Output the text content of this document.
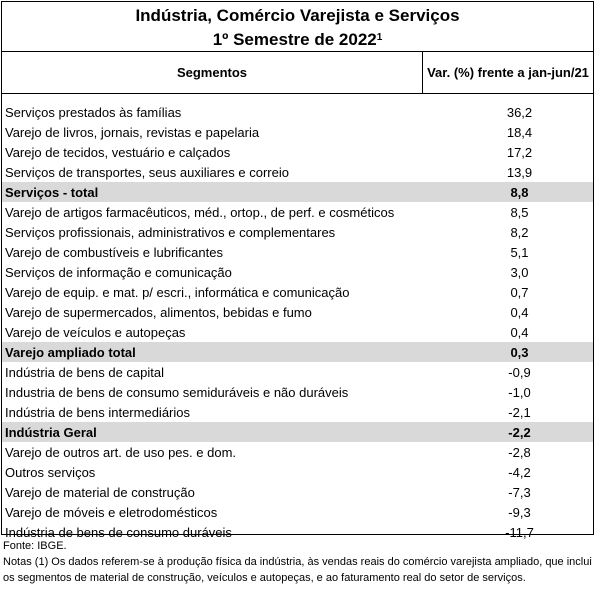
Indústria, Comércio Varejista e Serviços
1º Semestre de 2022$^1$
Segmentos	Var. (%) frente a jan-jun/21
Serviços prestados às famílias	36,2
Varejo de livros, jornais, revistas e papelaria	18,4
Varejo de tecidos, vestuário e calçados	17,2
Serviços de transportes, seus auxiliares e correio	13,9
Serviços - total	8,8
Varejo de artigos farmacêuticos, méd., ortop., de perf. e cosméticos	8,5
Serviços profissionais, administrativos e complementares	8,2
Varejo de combustíveis e lubrificantes	5,1
Serviços de informação e comunicação	3,0
Varejo de equip. e mat. p/ escri., informática e comunicação	0,7
Varejo de supermercados, alimentos, bebidas e fumo	0,4
Varejo de veículos e autopeças	0,4
Varejo ampliado total	0,3
Indústria de bens de capital	-0,9
Industria de bens de consumo semiduráveis e não duráveis	-1,0
Indústria de bens intermediários	-2,1
Indústria Geral	-2,2
Varejo de outros art. de uso pes. e dom.	-2,8
Outros serviços	-4,2
Varejo de material de construção	-7,3
Varejo de móveis e eletrodomésticos	-9,3
Indústria de bens de consumo duráveis	-11,7
Fonte: IBGE.
Notas (1) Os dados referem-se à produção física da indústria, às vendas reais do comércio varejista ampliado, que inclui os segmentos de material de construção, veículos e autopeças, e ao faturamento real do setor de serviços.
